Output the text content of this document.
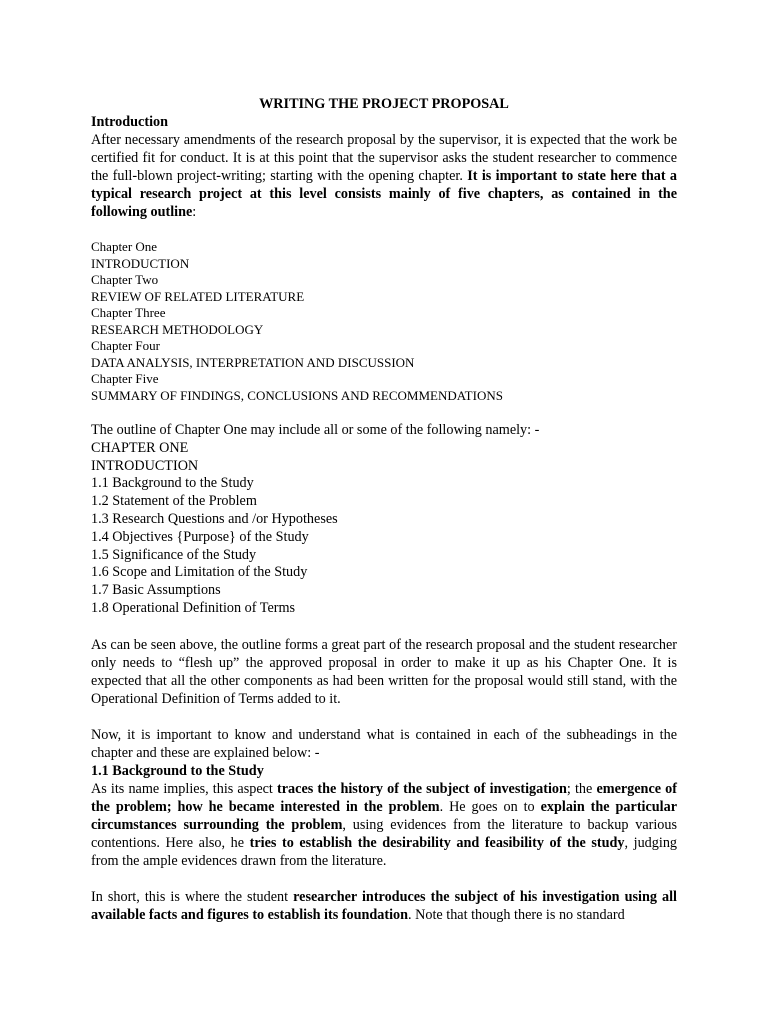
WRITING THE PROJECT PROPOSAL

Introduction

After necessary amendments of the research proposal by the supervisor, it is expected that the work be certified fit for conduct. It is at this point that the supervisor asks the student researcher to commence the full-blown project-writing; starting with the opening chapter. It is important to state here that a typical research project at this level consists mainly of five chapters, as contained in the following outline:

Chapter One
INTRODUCTION
Chapter Two
REVIEW OF RELATED LITERATURE
Chapter Three
RESEARCH METHODOLOGY
Chapter Four
DATA ANALYSIS, INTERPRETATION AND DISCUSSION
Chapter Five
SUMMARY OF FINDINGS, CONCLUSIONS AND RECOMMENDATIONS
The outline of Chapter One may include all or some of the following namely: -
CHAPTER ONE
INTRODUCTION
1.1 Background to the Study
1.2 Statement of the Problem
1.3 Research Questions and /or Hypotheses
1.4 Objectives {Purpose} of the Study
1.5 Significance of the Study
1.6 Scope and Limitation of the Study
1.7 Basic Assumptions
1.8 Operational Definition of Terms

As can be seen above, the outline forms a great part of the research proposal and the student researcher only needs to “flesh up” the approved proposal in order to make it up as his Chapter One. It is expected that all the other components as had been written for the proposal would still stand, with the Operational Definition of Terms added to it.

Now, it is important to know and understand what is contained in each of the subheadings in the chapter and these are explained below: -

1.1 Background to the Study

As its name implies, this aspect traces the history of the subject of investigation; the emergence of the problem; how he became interested in the problem. He goes on to explain the particular circumstances surrounding the problem, using evidences from the literature to backup various contentions. Here also, he tries to establish the desirability and feasibility of the study, judging from the ample evidences drawn from the literature.

In short, this is where the student researcher introduces the subject of his investigation using all available facts and figures to establish its foundation. Note that though there is no standard
